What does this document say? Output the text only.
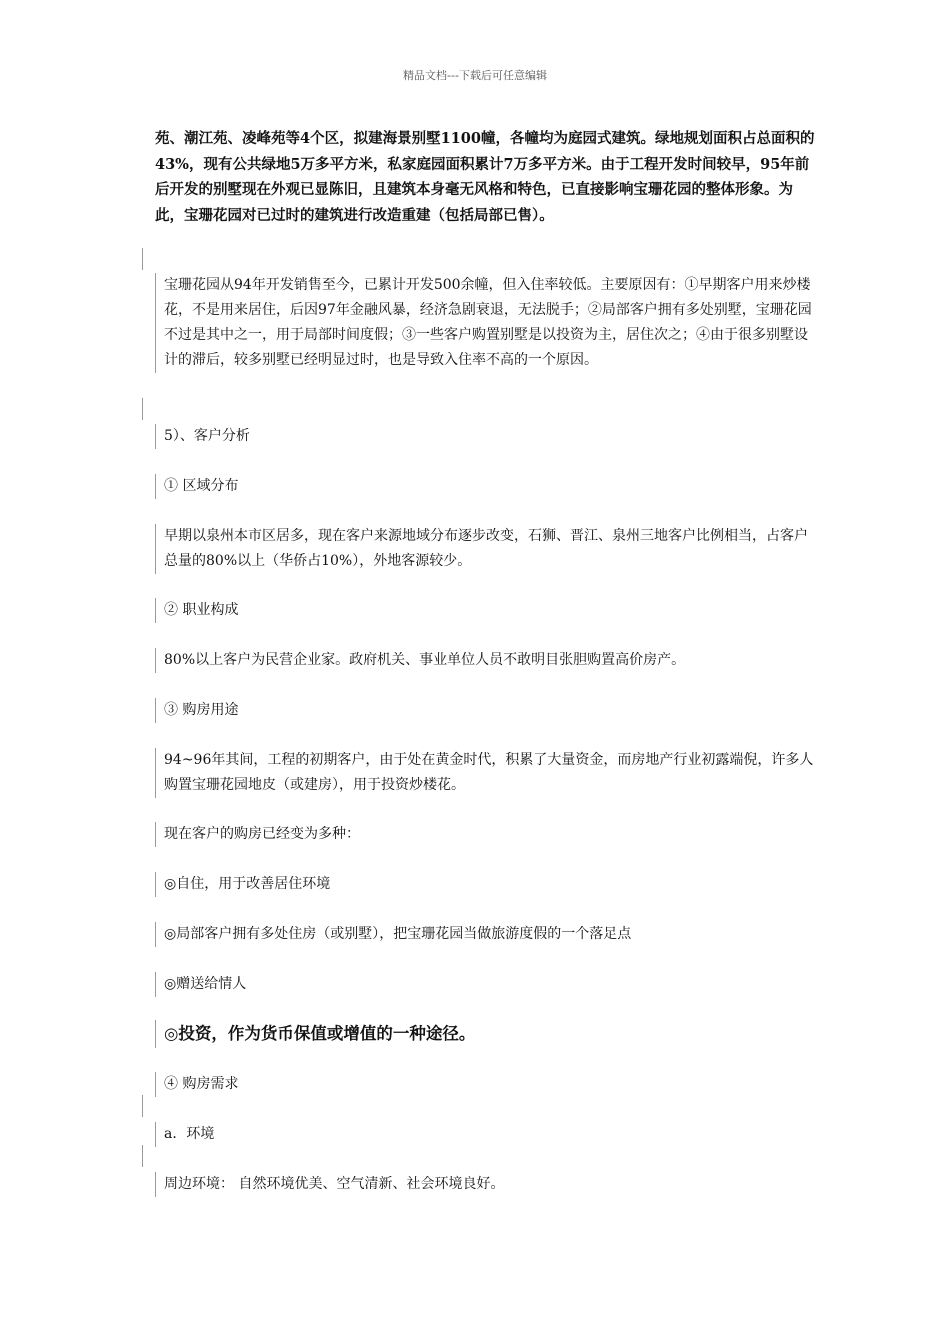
精品文档---下载后可任意编辑
苑、潮江苑、凌峰苑等4个区，拟建海景别墅1100幢，各幢均为庭园式建筑。绿地规划面积占总面积的43%，现有公共绿地5万多平方米，私家庭园面积累计7万多平方米。由于工程开发时间较早，95年前后开发的别墅现在外观已显陈旧，且建筑本身毫无风格和特色，已直接影响宝珊花园的整体形象。为此，宝珊花园对已过时的建筑进行改造重建（包括局部已售）。
宝珊花园从94年开发销售至今，已累计开发500余幢，但入住率较低。主要原因有：①早期客户用来炒楼花，不是用来居住，后因97年金融风暴，经济急剧衰退，无法脱手；②局部客户拥有多处别墅，宝珊花园不过是其中之一，用于局部时间度假；③一些客户购置别墅是以投资为主，居住次之；④由于很多别墅设计的滞后，较多别墅已经明显过时，也是导致入住率不高的一个原因。
5）、客户分析
① 区域分布
早期以泉州本市区居多，现在客户来源地域分布逐步改变，石狮、晋江、泉州三地客户比例相当，占客户总量的80%以上（华侨占10%），外地客源较少。
② 职业构成
80%以上客户为民营企业家。政府机关、事业单位人员不敢明目张胆购置高价房产。
③ 购房用途
94~96年其间，工程的初期客户，由于处在黄金时代，积累了大量资金，而房地产行业初露端倪，许多人购置宝珊花园地皮（或建房），用于投资炒楼花。
现在客户的购房已经变为多种：
◎自住，用于改善居住环境
◎局部客户拥有多处住房（或别墅），把宝珊花园当做旅游度假的一个落足点
◎赠送给情人
◎投资，作为货币保值或增值的一种途径。
④ 购房需求
a．环境
周边环境： 自然环境优美、空气清新、社会环境良好。
